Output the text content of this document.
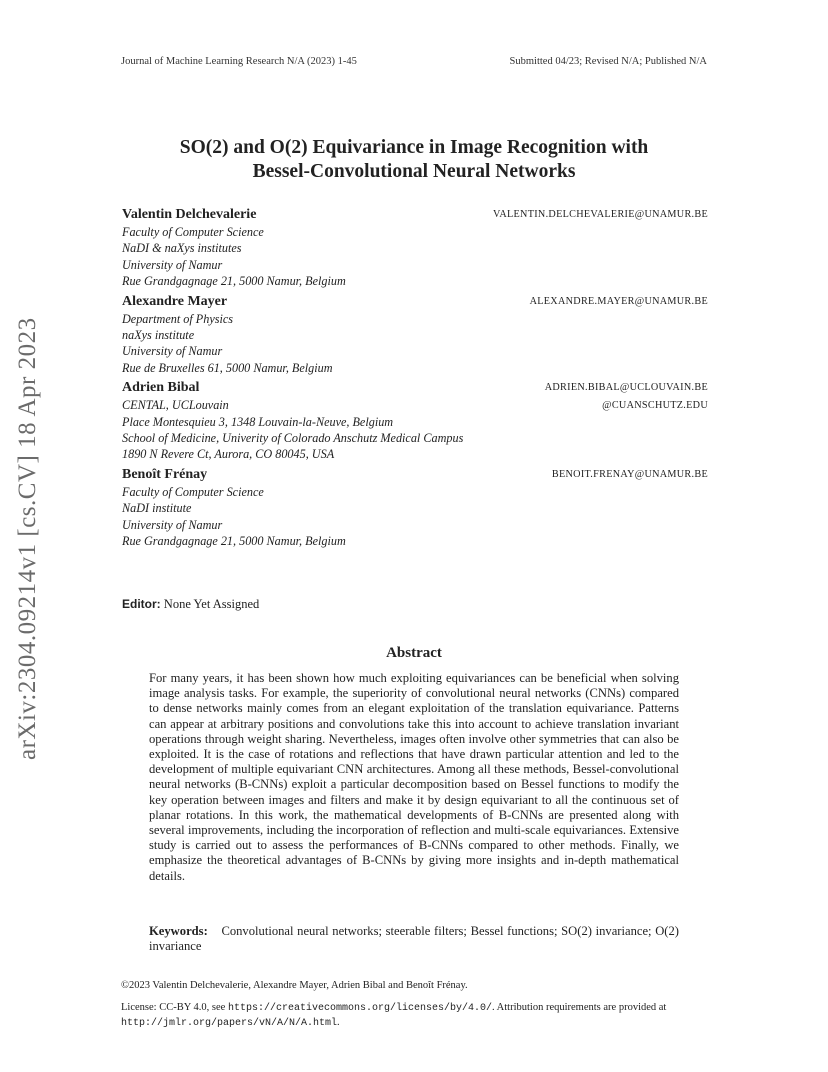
Journal of Machine Learning Research N/A (2023) 1-45	Submitted 04/23; Revised N/A; Published N/A
arXiv:2304.09214v1 [cs.CV] 18 Apr 2023
SO(2) and O(2) Equivariance in Image Recognition with
Bessel-Convolutional Neural Networks
Valentin Delchevalerie	VALENTIN.DELCHEVALERIE@UNAMUR.BE
Faculty of Computer Science
NaDI & naXys institutes
University of Namur
Rue Grandgagnage 21, 5000 Namur, Belgium
Alexandre Mayer	ALEXANDRE.MAYER@UNAMUR.BE
Department of Physics
naXys institute
University of Namur
Rue de Bruxelles 61, 5000 Namur, Belgium
Adrien Bibal	ADRIEN.BIBAL@UCLOUVAIN.BE
@CUANSCHUTZ.EDU
CENTAL, UCLouvain
Place Montesquieu 3, 1348 Louvain-la-Neuve, Belgium
School of Medicine, Univerity of Colorado Anschutz Medical Campus
1890 N Revere Ct, Aurora, CO 80045, USA
Benoît Frénay	BENOIT.FRENAY@UNAMUR.BE
Faculty of Computer Science
NaDI institute
University of Namur
Rue Grandgagnage 21, 5000 Namur, Belgium
Editor: None Yet Assigned
Abstract
For many years, it has been shown how much exploiting equivariances can be beneficial when solving image analysis tasks. For example, the superiority of convolutional neural networks (CNNs) compared to dense networks mainly comes from an elegant exploitation of the translation equivariance. Patterns can appear at arbitrary positions and convolutions take this into account to achieve translation invariant operations through weight sharing. Nevertheless, images often involve other symmetries that can also be exploited. It is the case of rotations and reflections that have drawn particular attention and led to the development of multiple equivariant CNN architectures. Among all these methods, Bessel-convolutional neural networks (B-CNNs) exploit a particular decomposition based on Bessel functions to modify the key operation between images and filters and make it by design equivariant to all the continuous set of planar rotations. In this work, the mathematical developments of B-CNNs are presented along with several improvements, including the incorporation of reflection and multi-scale equivariances. Extensive study is carried out to assess the performances of B-CNNs compared to other methods. Finally, we emphasize the theoretical advantages of B-CNNs by giving more insights and in-depth mathematical details.
Keywords: Convolutional neural networks; steerable filters; Bessel functions; SO(2) invariance; O(2) invariance
©2023 Valentin Delchevalerie, Alexandre Mayer, Adrien Bibal and Benoît Frénay.
License: CC-BY 4.0, see https://creativecommons.org/licenses/by/4.0/. Attribution requirements are provided at http://jmlr.org/papers/vN/A/N/A.html.
